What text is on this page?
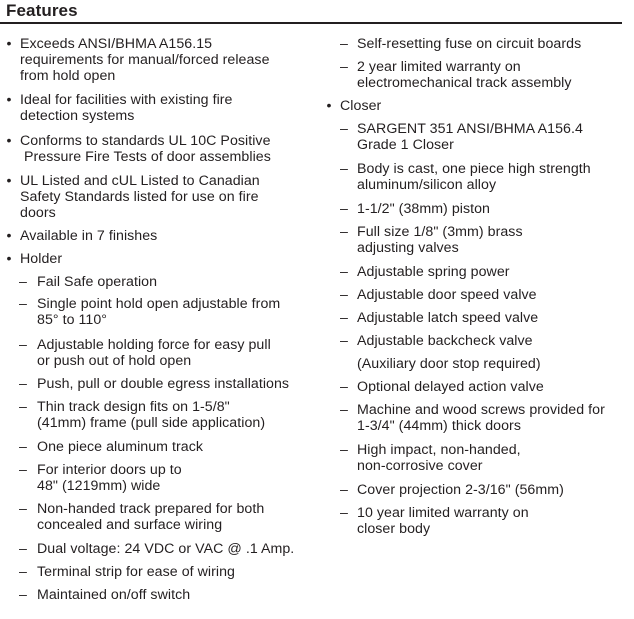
Features
• Exceeds ANSI/BHMA A156.15
requirements for manual/forced release
from hold open
• Ideal for facilities with existing fire
detection systems
• Conforms to standards UL 10C Positive
Pressure Fire Tests of door assemblies
• UL Listed and cUL Listed to Canadian
Safety Standards listed for use on fire
doors
• Available in 7 finishes
• Holder
– Fail Safe operation
– Single point hold open adjustable from
85° to 110°
– Adjustable holding force for easy pull
or push out of hold open
– Push, pull or double egress installations
– Thin track design fits on 1-5/8"
(41mm) frame (pull side application)
– One piece aluminum track
– For interior doors up to
48" (1219mm) wide
– Non-handed track prepared for both
concealed and surface wiring
– Dual voltage: 24 VDC or VAC @ .1 Amp.
– Terminal strip for ease of wiring
– Maintained on/off switch
– Self-resetting fuse on circuit boards
– 2 year limited warranty on
electromechanical track assembly
• Closer
– SARGENT 351 ANSI/BHMA A156.4
Grade 1 Closer
– Body is cast, one piece high strength
aluminum/silicon alloy
– 1-1/2" (38mm) piston
– Full size 1/8" (3mm) brass
adjusting valves
– Adjustable spring power
– Adjustable door speed valve
– Adjustable latch speed valve
– Adjustable backcheck valve
(Auxiliary door stop required)
– Optional delayed action valve
– Machine and wood screws provided for
1-3/4" (44mm) thick doors
– High impact, non-handed,
non-corrosive cover
– Cover projection 2-3/16" (56mm)
– 10 year limited warranty on
closer body
